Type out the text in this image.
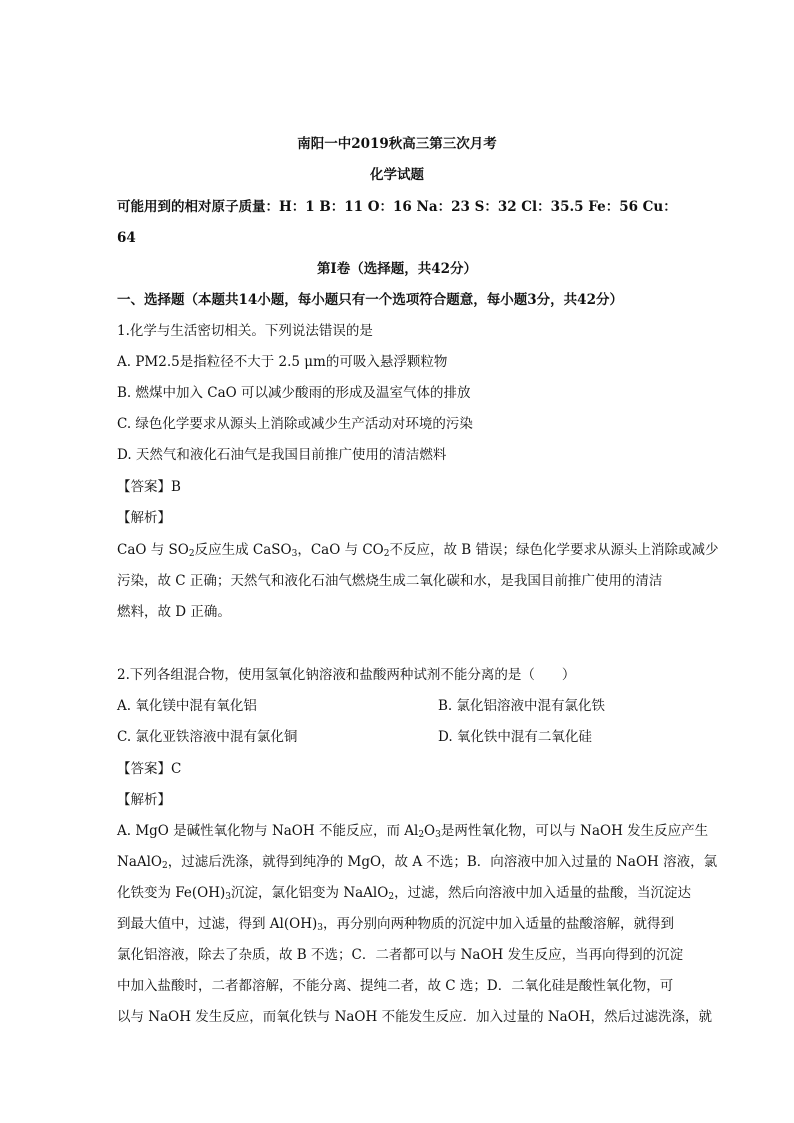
南阳一中2019秋高三第三次月考
化学试题
可能用到的相对原子质量：H：1 B：11 O：16 Na：23 S：32 Cl：35.5 Fe：56 Cu：
64
第I卷（选择题，共42分）
一、选择题（本题共14小题，每小题只有一个选项符合题意，每小题3分，共42分）
1.化学与生活密切相关。下列说法错误的是
A. PM2.5是指粒径不大于 2.5 μm的可吸入悬浮颗粒物
B. 燃煤中加入 CaO 可以减少酸雨的形成及温室气体的排放
C. 绿色化学要求从源头上消除或减少生产活动对环境的污染
D. 天然气和液化石油气是我国目前推广使用的清洁燃料
【答案】B
【解析】
CaO 与 $SO_2$反应生成 CaSO$_3$，CaO 与 $CO_2$不反应，故 B 错误；绿色化学要求从源头上消除或减少
污染，故 C 正确；天然气和液化石油气燃烧生成二氧化碳和水，是我国目前推广使用的清洁
燃料，故 D 正确。
2.下列各组混合物，使用氢氧化钠溶液和盐酸两种试剂不能分离的是（　　）
A. 氧化镁中混有氧化铝	B. 氯化铝溶液中混有氯化铁
C. 氯化亚铁溶液中混有氯化铜	D. 氧化铁中混有二氧化硅
【答案】C
【解析】
A. MgO 是碱性氧化物与 NaOH 不能反应，而 $Al_2O_3$是两性氧化物，可以与 NaOH 发生反应产生
NaAlO$_2$，过滤后洗涤，就得到纯净的 MgO，故 A 不选；B．向溶液中加入过量的 NaOH 溶液，氯
化铁变为 $Fe(OH)_3$沉淀，氯化铝变为 NaAlO$_2$，过滤，然后向溶液中加入适量的盐酸，当沉淀达
到最大值中，过滤，得到 $Al(OH)_3$，再分别向两种物质的沉淀中加入适量的盐酸溶解，就得到
氯化铝溶液，除去了杂质，故 B 不选；C．二者都可以与 NaOH 发生反应，当再向得到的沉淀
中加入盐酸时，二者都溶解，不能分离、提纯二者，故 C 选；D．二氧化硅是酸性氧化物，可
以与 NaOH 发生反应，而氧化铁与 NaOH 不能发生反应．加入过量的 NaOH，然后过滤洗涤，就
